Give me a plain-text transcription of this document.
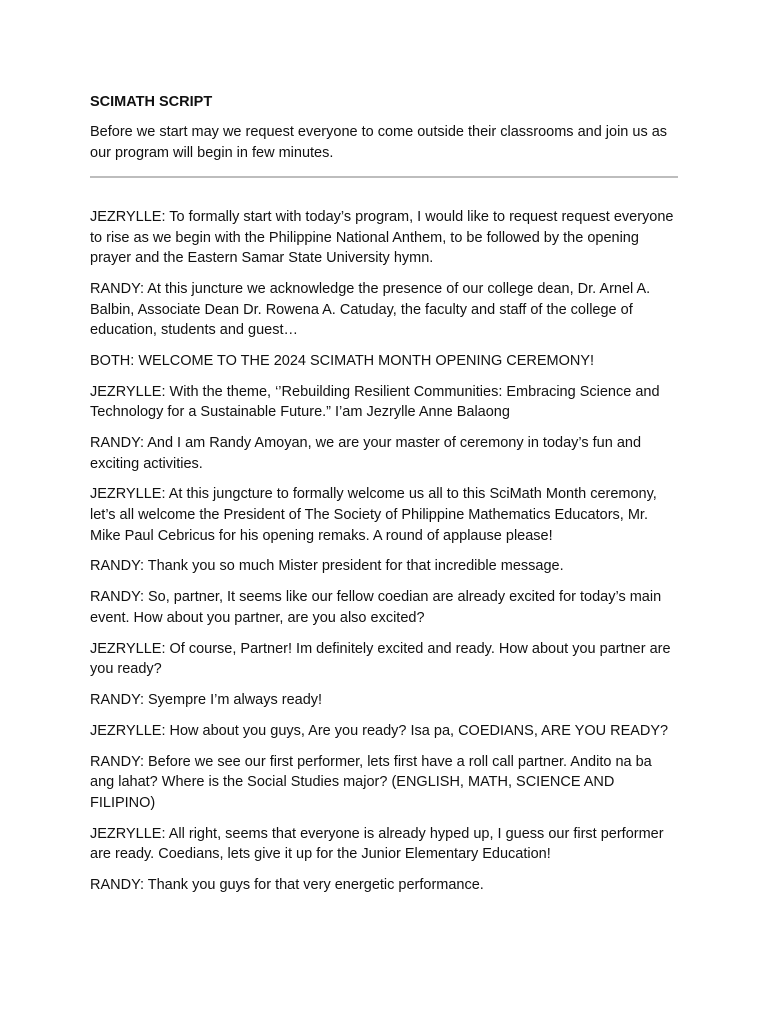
SCIMATH SCRIPT

Before we start may we request everyone to come outside their classrooms and join us as our program will begin in few minutes.

JEZRYLLE: To formally start with today’s program, I would like to request request everyone to rise as we begin with the Philippine National Anthem, to be followed by the opening prayer and the Eastern Samar State University hymn.

RANDY: At this juncture we acknowledge the presence of our college dean, Dr. Arnel A. Balbin, Associate Dean Dr. Rowena A. Catuday, the faculty and staff of the college of education, students and guest…

BOTH: WELCOME TO THE 2024 SCIMATH MONTH OPENING CEREMONY!

JEZRYLLE: With the theme, ‘’Rebuilding Resilient Communities: Embracing Science and Technology for a Sustainable Future.” I’am Jezrylle Anne Balaong

RANDY: And I am Randy Amoyan, we are your master of ceremony in today’s fun and exciting activities.

JEZRYLLE: At this jungcture to formally welcome us all to this SciMath Month ceremony, let’s all welcome the President of The Society of Philippine Mathematics Educators, Mr. Mike Paul Cebricus for his opening remaks. A round of applause please!

RANDY: Thank you so much Mister president for that incredible message.

RANDY: So, partner, It seems like our fellow coedian are already excited for today’s main event. How about you partner, are you also excited?

JEZRYLLE: Of course, Partner! Im definitely excited and ready. How about you partner are you ready?

RANDY: Syempre I’m always ready!

JEZRYLLE: How about you guys, Are you ready? Isa pa, COEDIANS, ARE YOU READY?

RANDY: Before we see our first performer, lets first have a roll call partner. Andito na ba ang lahat? Where is the Social Studies major? (ENGLISH, MATH, SCIENCE AND FILIPINO)

JEZRYLLE: All right, seems that everyone is already hyped up, I guess our first performer are ready. Coedians, lets give it up for the Junior Elementary Education!

RANDY: Thank you guys for that very energetic performance.
